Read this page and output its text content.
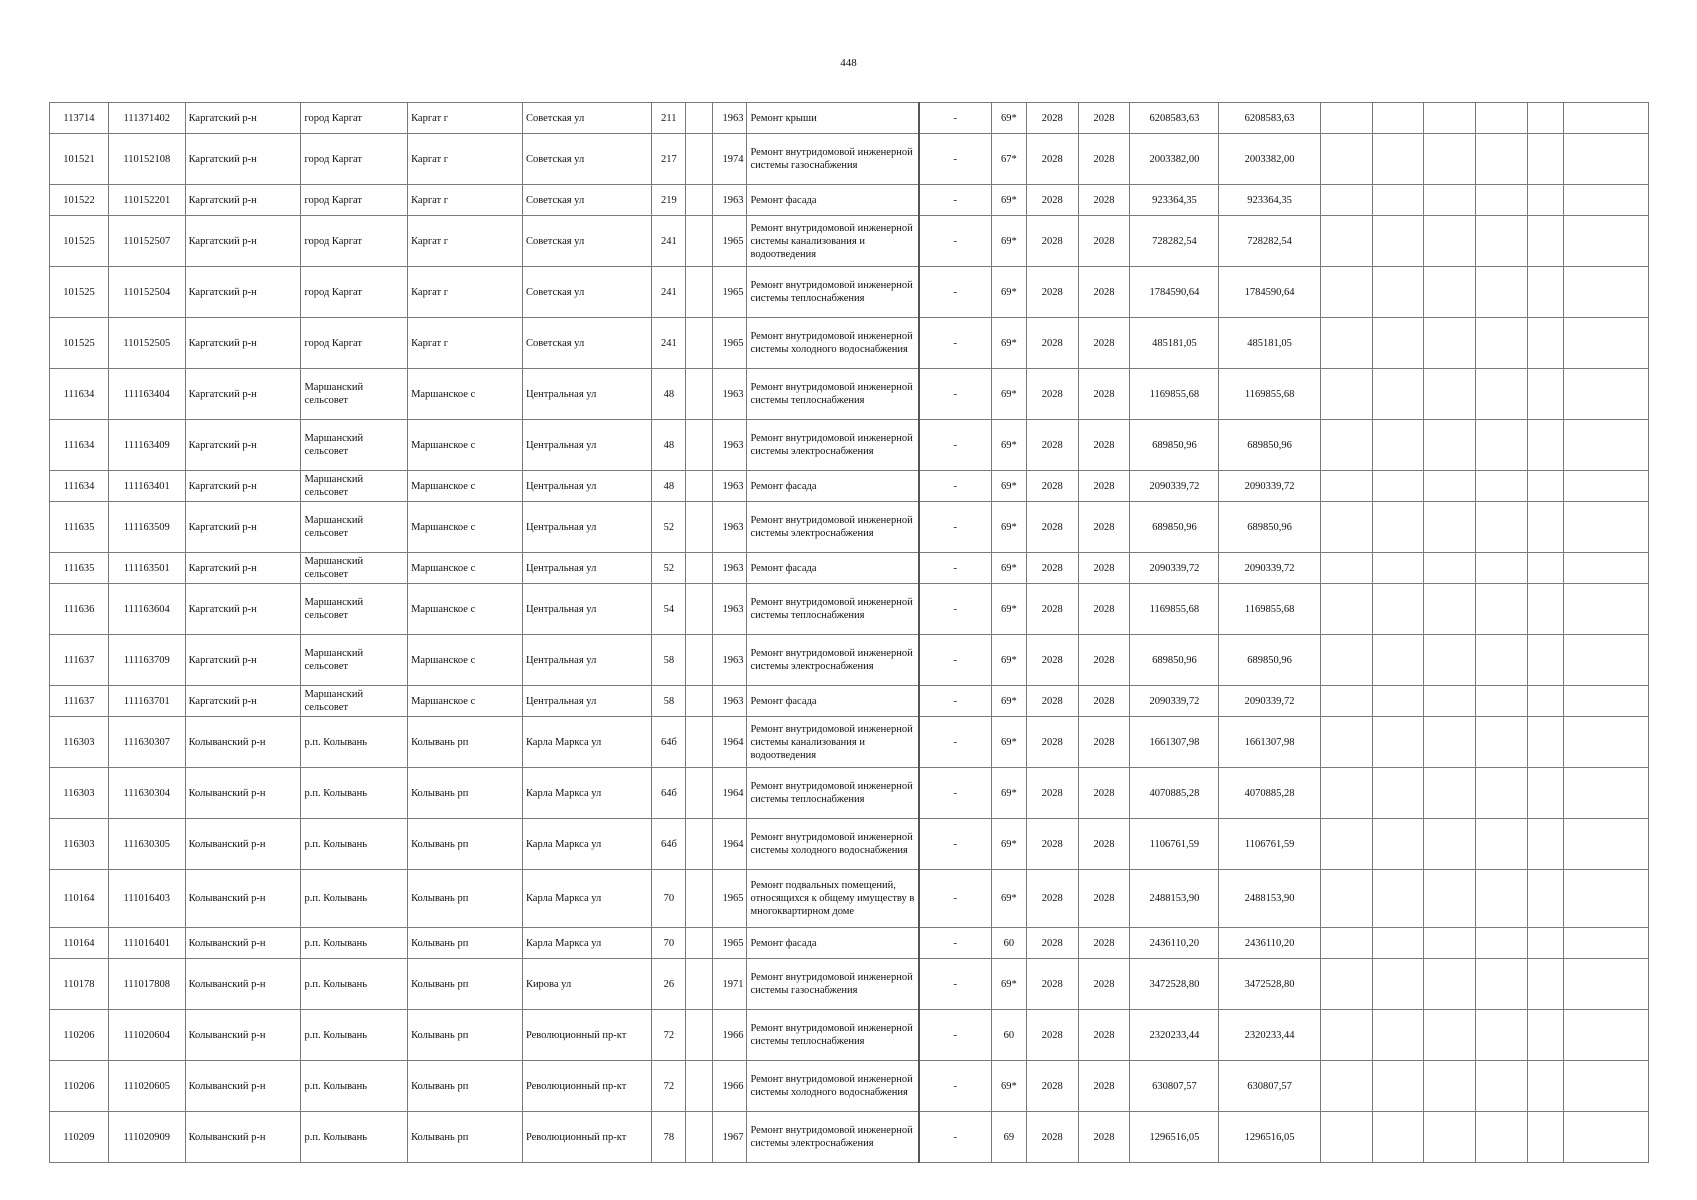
448
113714	111371402	Каргатский р-н	город Каргат	Каргат г	Советская ул	211		1963	Ремонт крыши	-	69*	2028	2028	6208583,63	6208583,63						
101521	110152108	Каргатский р-н	город Каргат	Каргат г	Советская ул	217		1974	Ремонт внутридомовой инженерной системы газоснабжения	-	67*	2028	2028	2003382,00	2003382,00						
101522	110152201	Каргатский р-н	город Каргат	Каргат г	Советская ул	219		1963	Ремонт фасада	-	69*	2028	2028	923364,35	923364,35						
101525	110152507	Каргатский р-н	город Каргат	Каргат г	Советская ул	241		1965	Ремонт внутридомовой инженерной системы канализования и водоотведения	-	69*	2028	2028	728282,54	728282,54						
101525	110152504	Каргатский р-н	город Каргат	Каргат г	Советская ул	241		1965	Ремонт внутридомовой инженерной системы теплоснабжения	-	69*	2028	2028	1784590,64	1784590,64						
101525	110152505	Каргатский р-н	город Каргат	Каргат г	Советская ул	241		1965	Ремонт внутридомовой инженерной системы холодного водоснабжения	-	69*	2028	2028	485181,05	485181,05						
111634	111163404	Каргатский р-н	Маршанский сельсовет	Маршанское с	Центральная ул	48		1963	Ремонт внутридомовой инженерной системы теплоснабжения	-	69*	2028	2028	1169855,68	1169855,68						
111634	111163409	Каргатский р-н	Маршанский сельсовет	Маршанское с	Центральная ул	48		1963	Ремонт внутридомовой инженерной системы электроснабжения	-	69*	2028	2028	689850,96	689850,96						
111634	111163401	Каргатский р-н	Маршанский сельсовет	Маршанское с	Центральная ул	48		1963	Ремонт фасада	-	69*	2028	2028	2090339,72	2090339,72						
111635	111163509	Каргатский р-н	Маршанский сельсовет	Маршанское с	Центральная ул	52		1963	Ремонт внутридомовой инженерной системы электроснабжения	-	69*	2028	2028	689850,96	689850,96						
111635	111163501	Каргатский р-н	Маршанский сельсовет	Маршанское с	Центральная ул	52		1963	Ремонт фасада	-	69*	2028	2028	2090339,72	2090339,72						
111636	111163604	Каргатский р-н	Маршанский сельсовет	Маршанское с	Центральная ул	54		1963	Ремонт внутридомовой инженерной системы теплоснабжения	-	69*	2028	2028	1169855,68	1169855,68						
111637	111163709	Каргатский р-н	Маршанский сельсовет	Маршанское с	Центральная ул	58		1963	Ремонт внутридомовой инженерной системы электроснабжения	-	69*	2028	2028	689850,96	689850,96						
111637	111163701	Каргатский р-н	Маршанский сельсовет	Маршанское с	Центральная ул	58		1963	Ремонт фасада	-	69*	2028	2028	2090339,72	2090339,72						
116303	111630307	Колыванский р-н	р.п. Колывань	Колывань рп	Карла Маркса ул	64б		1964	Ремонт внутридомовой инженерной системы канализования и водоотведения	-	69*	2028	2028	1661307,98	1661307,98						
116303	111630304	Колыванский р-н	р.п. Колывань	Колывань рп	Карла Маркса ул	64б		1964	Ремонт внутридомовой инженерной системы теплоснабжения	-	69*	2028	2028	4070885,28	4070885,28						
116303	111630305	Колыванский р-н	р.п. Колывань	Колывань рп	Карла Маркса ул	64б		1964	Ремонт внутридомовой инженерной системы холодного водоснабжения	-	69*	2028	2028	1106761,59	1106761,59						
110164	111016403	Колыванский р-н	р.п. Колывань	Колывань рп	Карла Маркса ул	70		1965	Ремонт подвальных помещений, относящихся к общему имуществу в многоквартирном доме	-	69*	2028	2028	2488153,90	2488153,90						
110164	111016401	Колыванский р-н	р.п. Колывань	Колывань рп	Карла Маркса ул	70		1965	Ремонт фасада	-	60	2028	2028	2436110,20	2436110,20						
110178	111017808	Колыванский р-н	р.п. Колывань	Колывань рп	Кирова ул	26		1971	Ремонт внутридомовой инженерной системы газоснабжения	-	69*	2028	2028	3472528,80	3472528,80						
110206	111020604	Колыванский р-н	р.п. Колывань	Колывань рп	Революционный пр-кт	72		1966	Ремонт внутридомовой инженерной системы теплоснабжения	-	60	2028	2028	2320233,44	2320233,44						
110206	111020605	Колыванский р-н	р.п. Колывань	Колывань рп	Революционный пр-кт	72		1966	Ремонт внутридомовой инженерной системы холодного водоснабжения	-	69*	2028	2028	630807,57	630807,57						
110209	111020909	Колыванский р-н	р.п. Колывань	Колывань рп	Революционный пр-кт	78		1967	Ремонт внутридомовой инженерной системы электроснабжения	-	69	2028	2028	1296516,05	1296516,05						
